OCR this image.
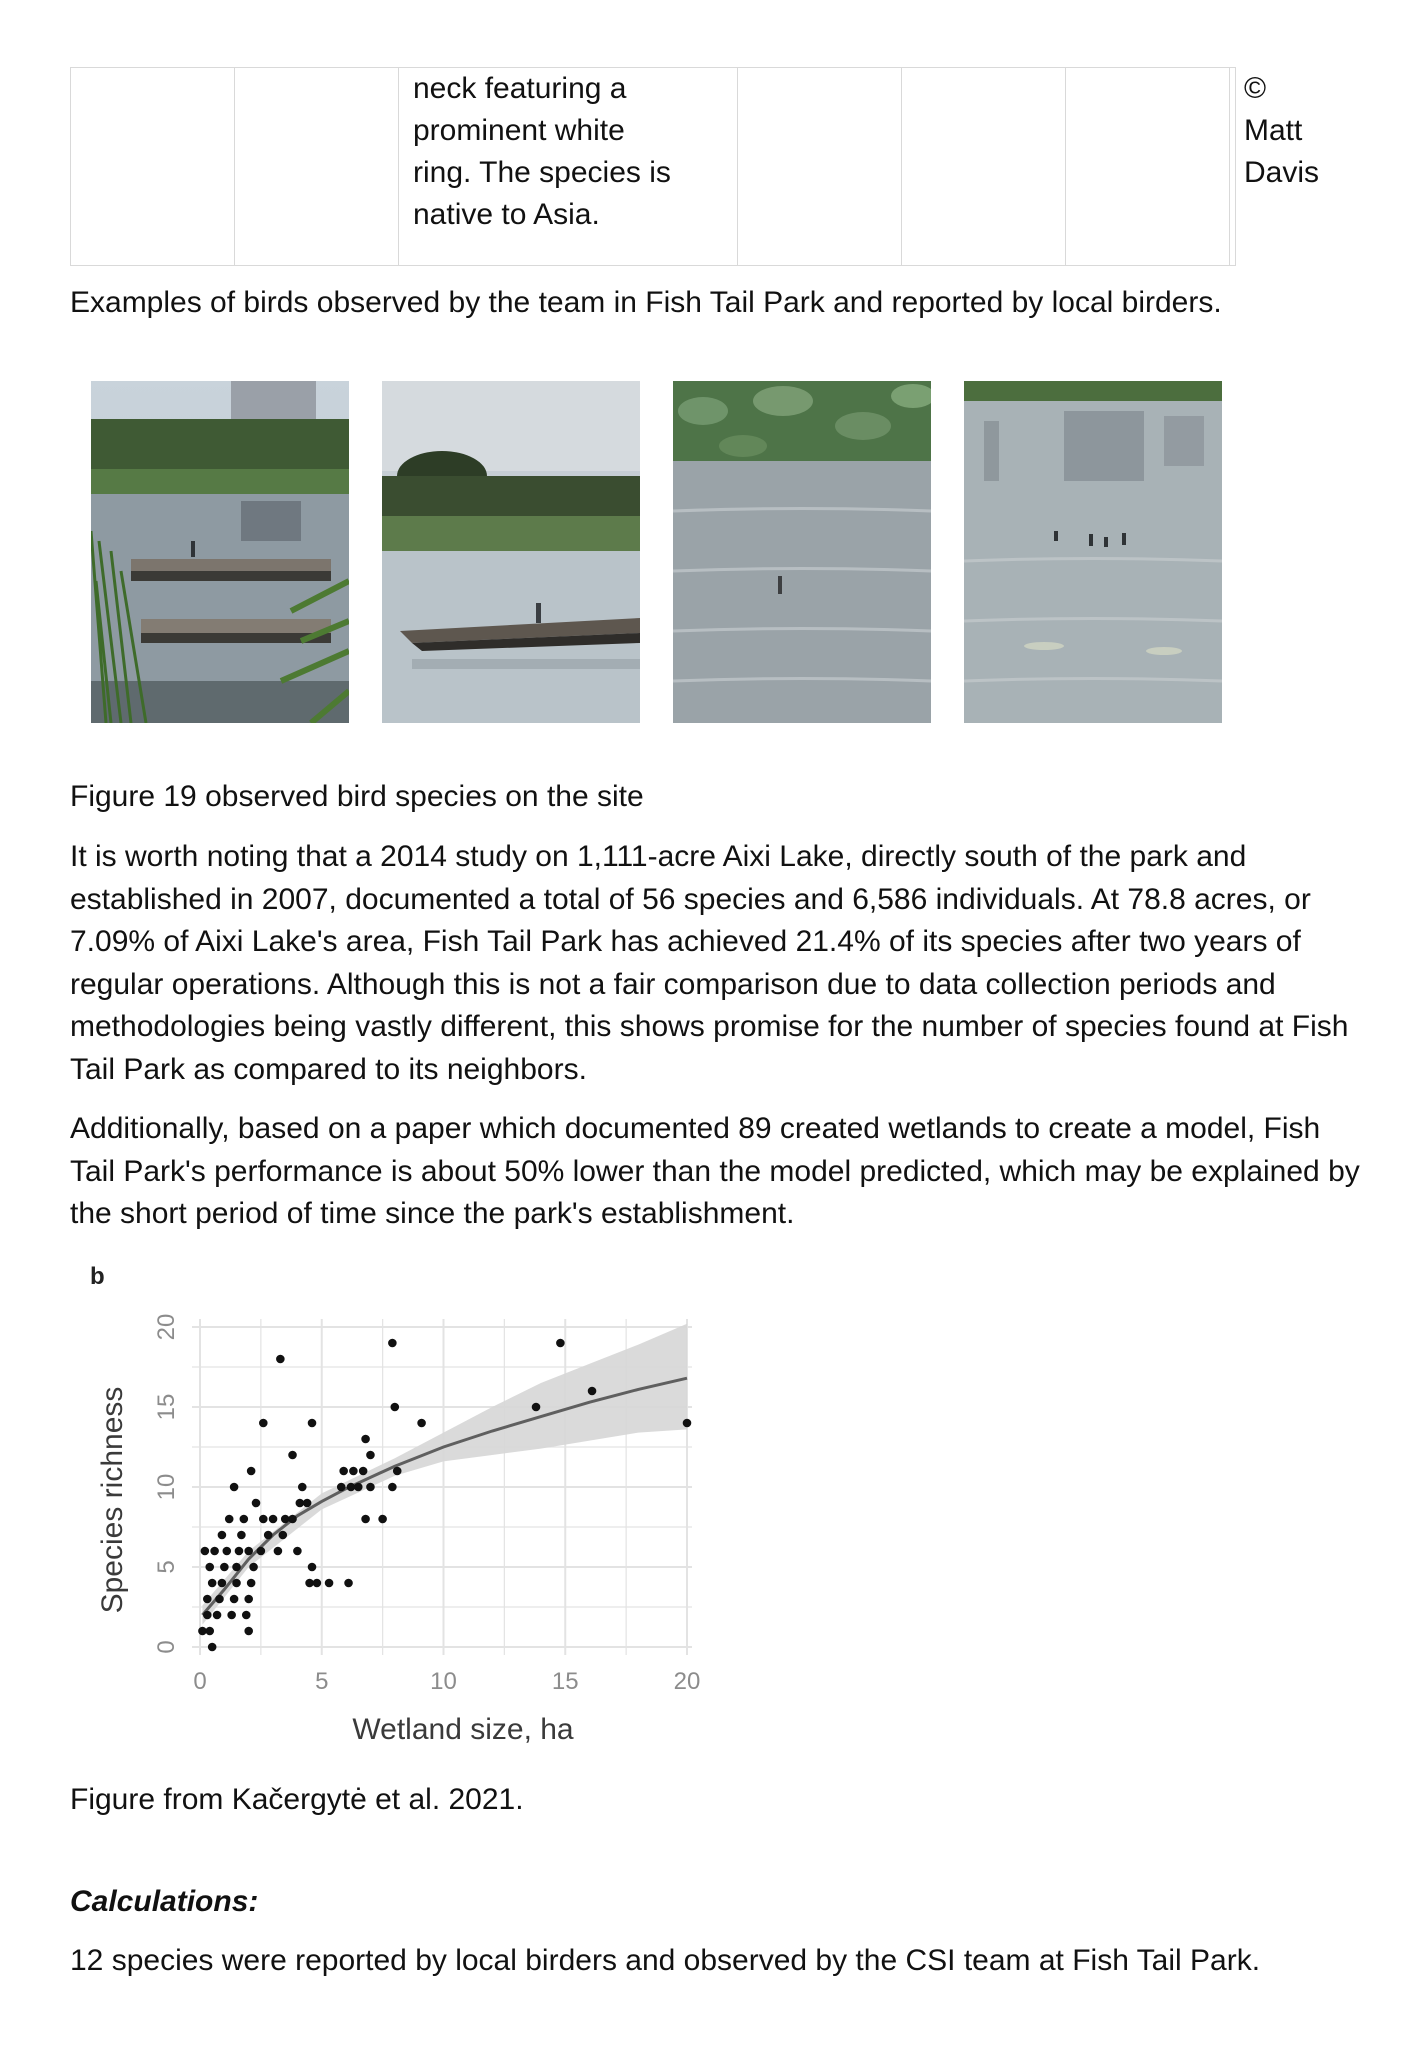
neck featuring a
prominent white
ring. The species is
native to Asia.

© Matt
Davis

Examples of birds observed by the team in Fish Tail Park and reported by local birders.

Figure 19 observed bird species on the site

It is worth noting that a 2014 study on 1,111-acre Aixi Lake, directly south of the park and established in 2007, documented a total of 56 species and 6,586 individuals. At 78.8 acres, or 7.09% of Aixi Lake's area, Fish Tail Park has achieved 21.4% of its species after two years of regular operations. Although this is not a fair comparison due to data collection periods and methodologies being vastly different, this shows promise for the number of species found at Fish Tail Park as compared to its neighbors.

Additionally, based on a paper which documented 89 created wetlands to create a model, Fish Tail Park's performance is about 50% lower than the model predicted, which may be explained by the short period of time since the park's establishment.

b
0	5	10	15	20
0
5
10
15
20
Wetland size, ha
Species richness

Figure from Kačergytė et al. 2021.

Calculations:

12 species were reported by local birders and observed by the CSI team at Fish Tail Park.
